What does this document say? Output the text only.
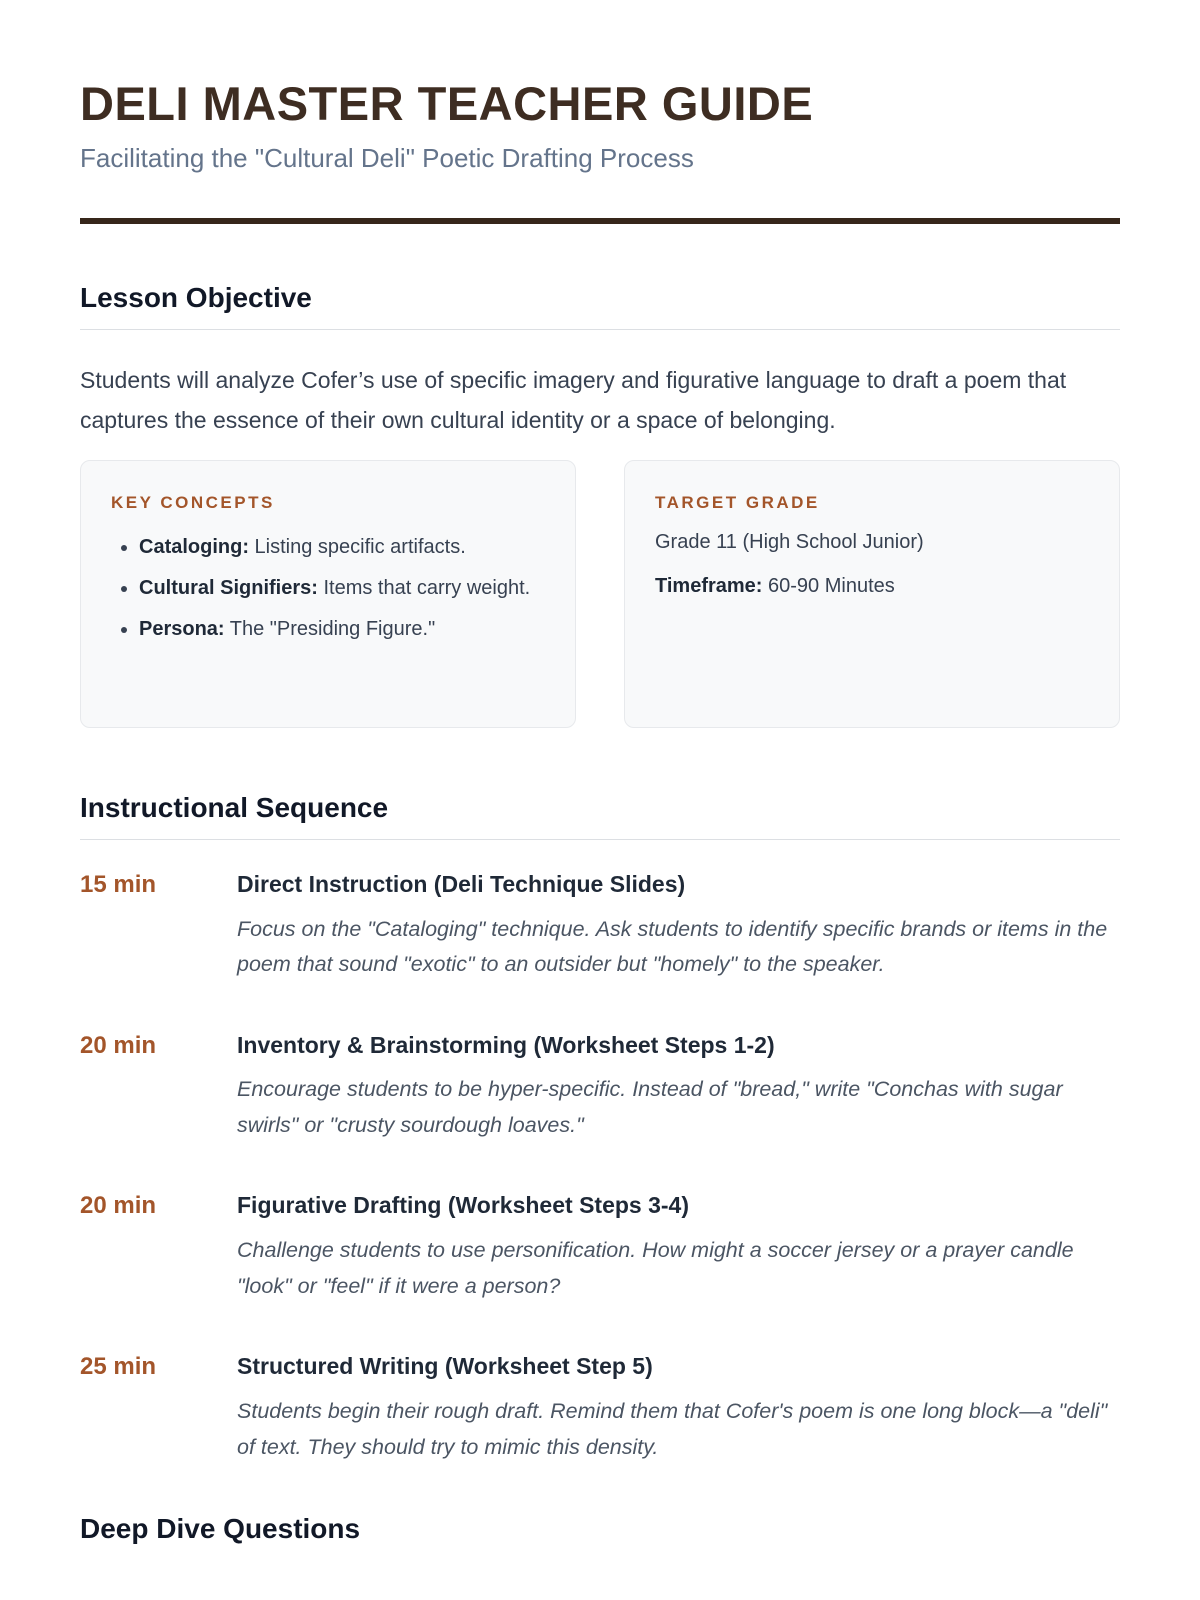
DELI MASTER TEACHER GUIDE

Facilitating the "Cultural Deli" Poetic Drafting Process

Lesson Objective

Students will analyze Cofer’s use of specific imagery and figurative language to draft a poem that captures the essence of their own cultural identity or a space of belonging.

KEY CONCEPTS
• Cataloging: Listing specific artifacts.
• Cultural Signifiers: Items that carry weight.
• Persona: The "Presiding Figure."
TARGET GRADE

Grade 11 (High School Junior)

Timeframe: 60-90 Minutes

Instructional Sequence
15 min	Direct Instruction (Deli Technique Slides)

Focus on the "Cataloging" technique. Ask students to identify specific brands or items in the poem that sound "exotic" to an outsider but "homely" to the speaker.

20 min	Inventory & Brainstorming (Worksheet Steps 1-2)

Encourage students to be hyper-specific. Instead of "bread," write "Conchas with sugar swirls" or "crusty sourdough loaves."

20 min	Figurative Drafting (Worksheet Steps 3-4)

Challenge students to use personification. How might a soccer jersey or a prayer candle "look" or "feel" if it were a person?

25 min	Structured Writing (Worksheet Step 5)

Students begin their rough draft. Remind them that Cofer's poem is one long block—a "deli" of text. They should try to mimic this density.

Deep Dive Questions
